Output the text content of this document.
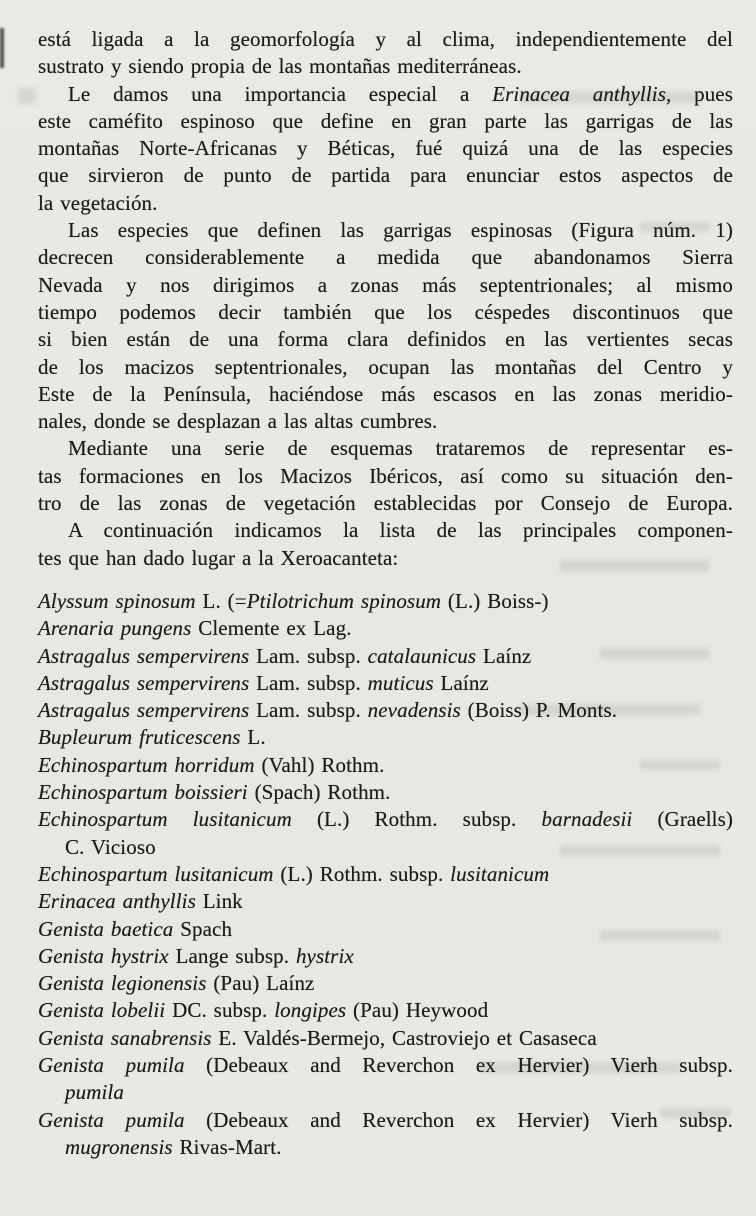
está ligada a la geomorfología y al clima, independientemente del
sustrato y siendo propia de las montañas mediterráneas.
Le damos una importancia especial a Erinacea anthyllis, pues
este caméfito espinoso que define en gran parte las garrigas de las
montañas Norte-Africanas y Béticas, fué quizá una de las especies
que sirvieron de punto de partida para enunciar estos aspectos de
la vegetación.
Las especies que definen las garrigas espinosas (Figura núm. 1)
decrecen considerablemente a medida que abandonamos Sierra
Nevada y nos dirigimos a zonas más septentrionales; al mismo
tiempo podemos decir también que los céspedes discontinuos que
si bien están de una forma clara definidos en las vertientes secas
de los macizos septentrionales, ocupan las montañas del Centro y
Este de la Península, haciéndose más escasos en las zonas meridio-
nales, donde se desplazan a las altas cumbres.
Mediante una serie de esquemas trataremos de representar es-
tas formaciones en los Macizos Ibéricos, así como su situación den-
tro de las zonas de vegetación establecidas por Consejo de Europa.
A continuación indicamos la lista de las principales componen-
tes que han dado lugar a la Xeroacanteta:
Alyssum spinosum L. (=Ptilotrichum spinosum (L.) Boiss-)
Arenaria pungens Clemente ex Lag.
Astragalus sempervirens Lam. subsp. catalaunicus Laínz
Astragalus sempervirens Lam. subsp. muticus Laínz
Astragalus sempervirens Lam. subsp. nevadensis (Boiss) P. Monts.
Bupleurum fruticescens L.
Echinospartum horridum (Vahl) Rothm.
Echinospartum boissieri (Spach) Rothm.
Echinospartum lusitanicum (L.) Rothm. subsp. barnadesii (Graells)
C. Vicioso
Echinospartum lusitanicum (L.) Rothm. subsp. lusitanicum
Erinacea anthyllis Link
Genista baetica Spach
Genista hystrix Lange subsp. hystrix
Genista legionensis (Pau) Laínz
Genista lobelii DC. subsp. longipes (Pau) Heywood
Genista sanabrensis E. Valdés-Bermejo, Castroviejo et Casaseca
Genista pumila (Debeaux and Reverchon ex Hervier) Vierh subsp.
pumila
Genista pumila (Debeaux and Reverchon ex Hervier) Vierh subsp.
mugronensis Rivas-Mart.
